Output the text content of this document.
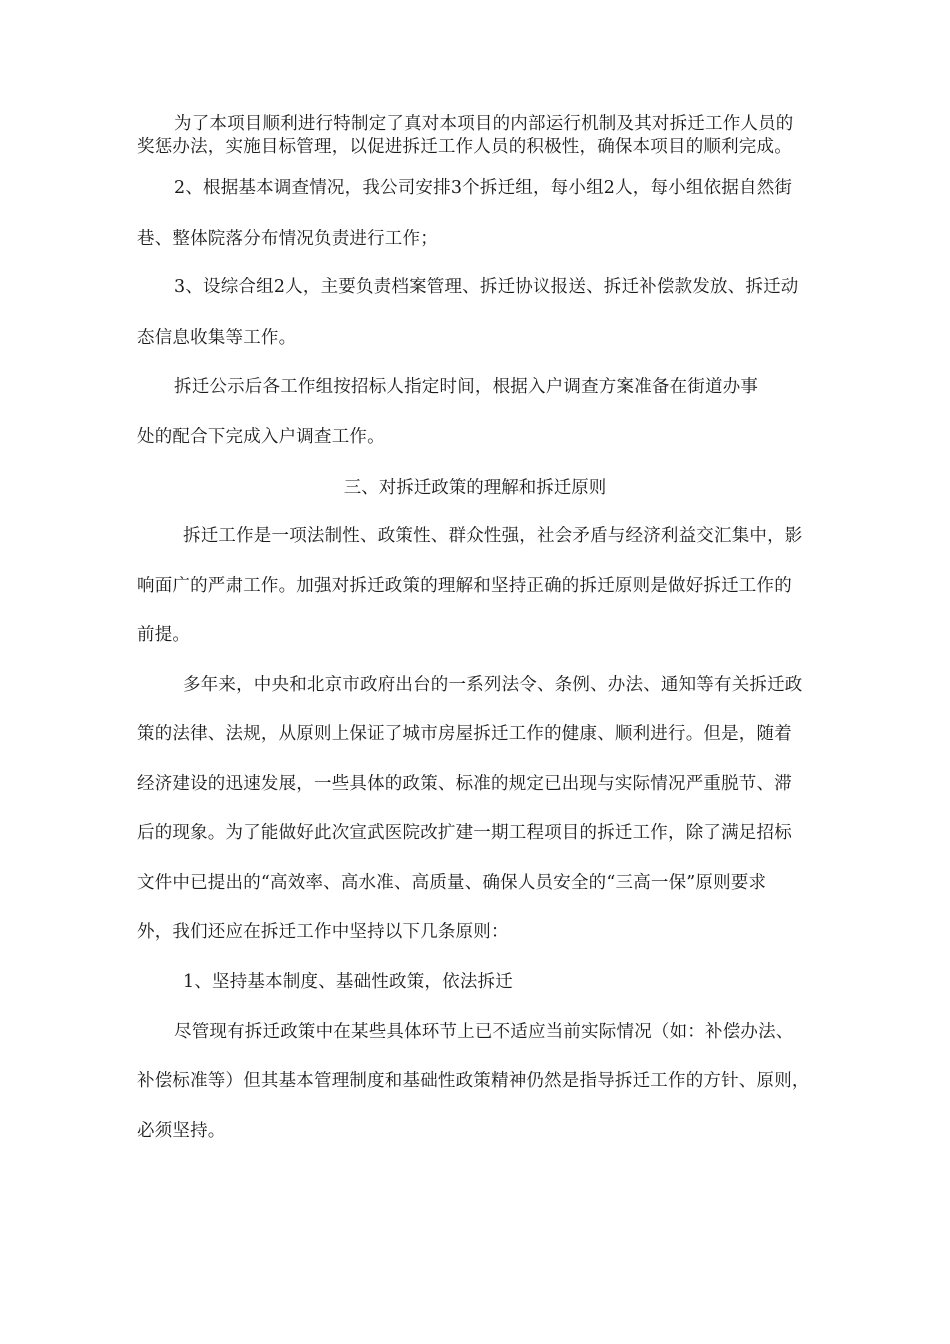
为了本项目顺利进行特制定了真对本项目的内部运行机制及其对拆迁工作人员的
奖惩办法，实施目标管理，以促进拆迁工作人员的积极性，确保本项目的顺利完成。
2、根据基本调查情况，我公司安排3个拆迁组，每小组2人，每小组依据自然街
巷、整体院落分布情况负责进行工作；
3、设综合组2人，主要负责档案管理、拆迁协议报送、拆迁补偿款发放、拆迁动
态信息收集等工作。
拆迁公示后各工作组按招标人指定时间，根据入户调查方案准备在街道办事
处的配合下完成入户调查工作。
三、对拆迁政策的理解和拆迁原则
拆迁工作是一项法制性、政策性、群众性强，社会矛盾与经济利益交汇集中，影
响面广的严肃工作。加强对拆迁政策的理解和坚持正确的拆迁原则是做好拆迁工作的
前提。
多年来，中央和北京市政府出台的一系列法令、条例、办法、通知等有关拆迁政
策的法律、法规，从原则上保证了城市房屋拆迁工作的健康、顺利进行。但是，随着
经济建设的迅速发展，一些具体的政策、标准的规定已出现与实际情况严重脱节、滞
后的现象。为了能做好此次宣武医院改扩建一期工程项目的拆迁工作，除了满足招标
文件中已提出的“高效率、高水准、高质量、确保人员安全的“三高一保”原则要求
外，我们还应在拆迁工作中坚持以下几条原则：
1、坚持基本制度、基础性政策，依法拆迁
尽管现有拆迁政策中在某些具体环节上已不适应当前实际情况（如：补偿办法、
补偿标准等）但其基本管理制度和基础性政策精神仍然是指导拆迁工作的方针、原则，
必须坚持。
